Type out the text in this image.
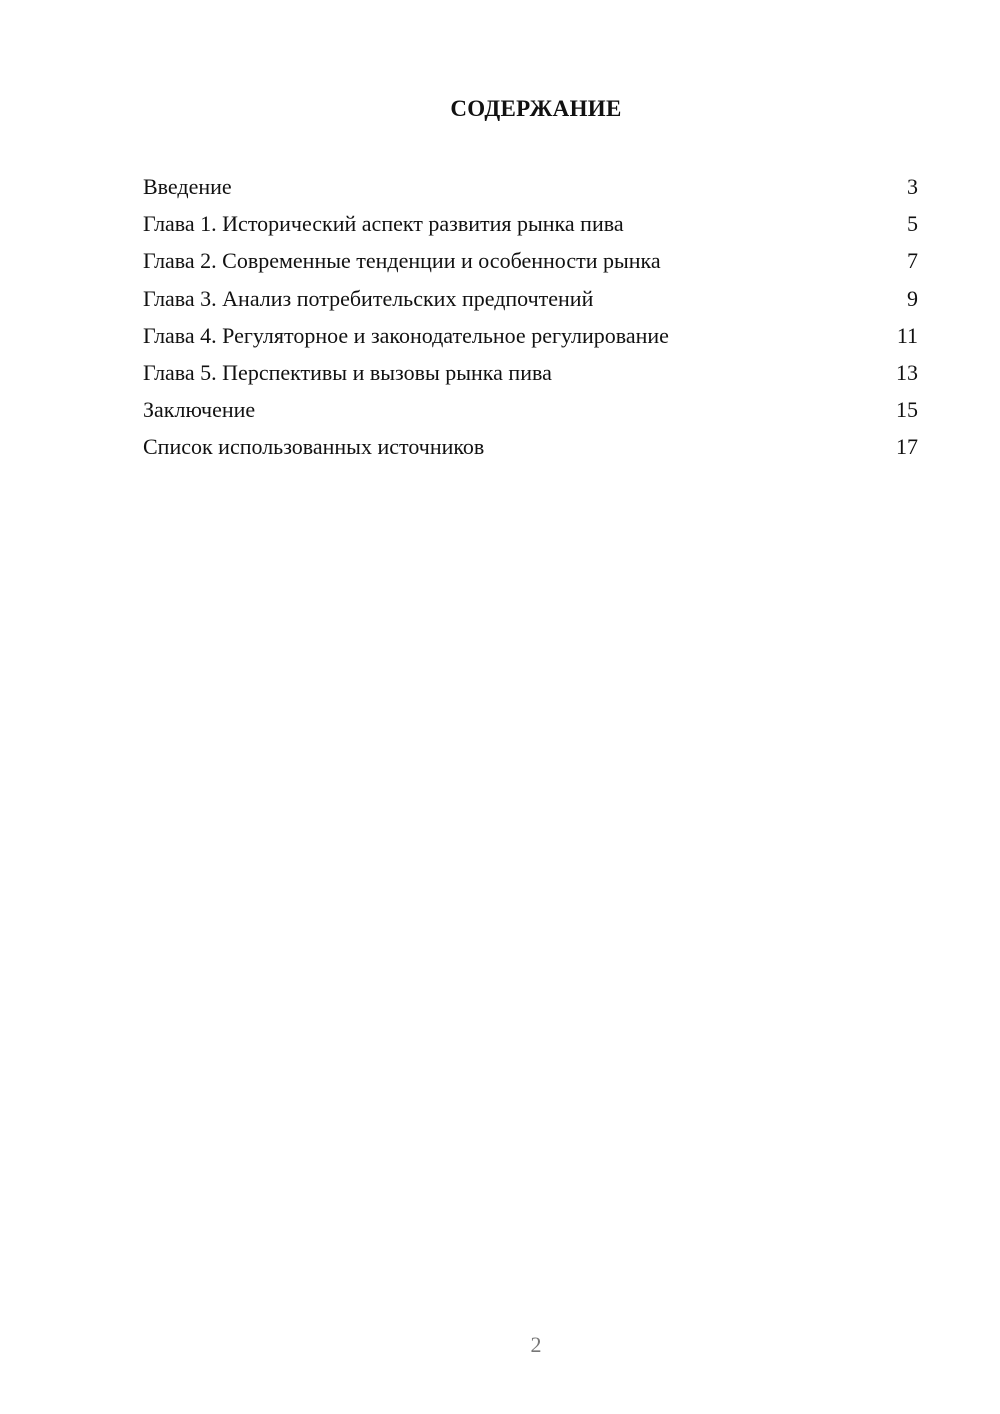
СОДЕРЖАНИЕ
Введение	3
Глава 1. Исторический аспект развития рынка пива	5
Глава 2. Современные тенденции и особенности рынка	7
Глава 3. Анализ потребительских предпочтений	9
Глава 4. Регуляторное и законодательное регулирование	11
Глава 5. Перспективы и вызовы рынка пива	13
Заключение	15
Список использованных источников	17
2
